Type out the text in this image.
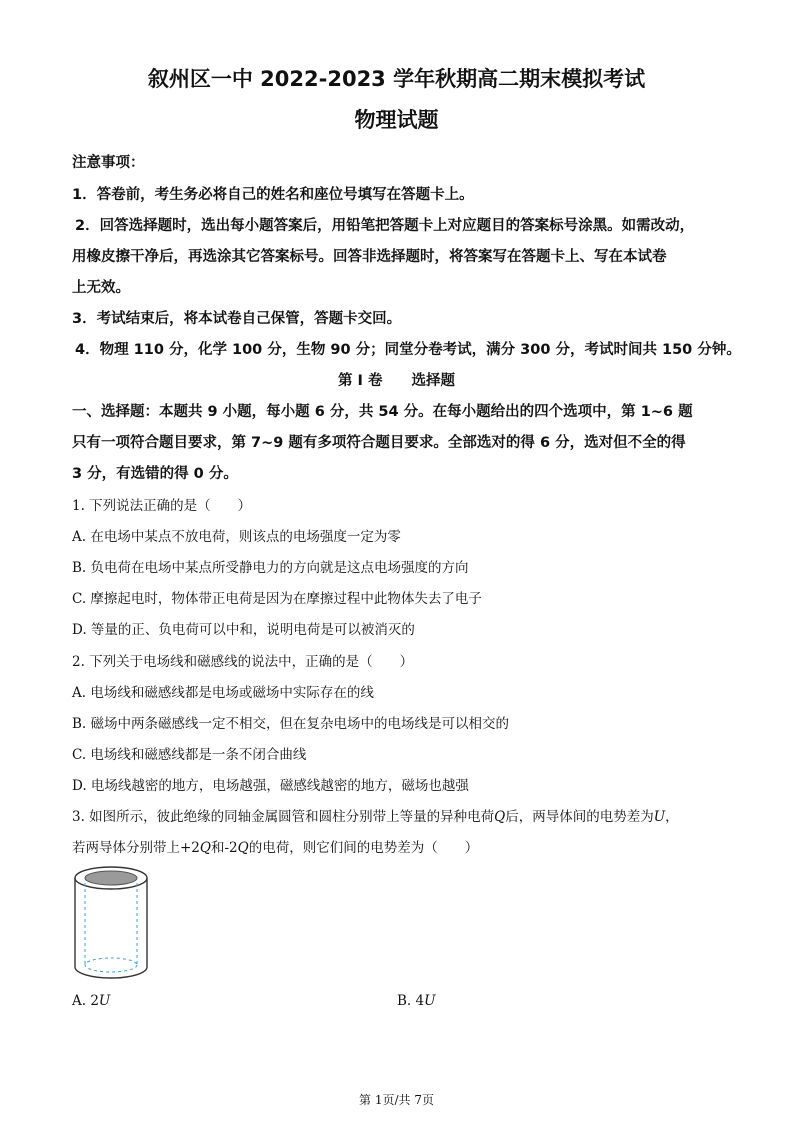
叙州区一中 2022-2023 学年秋期高二期末模拟考试
物理试题
注意事项：
1．答卷前，考生务必将自己的姓名和座位号填写在答题卡上。
2．回答选择题时，选出每小题答案后，用铅笔把答题卡上对应题目的答案标号涂黑。如需改动，
用橡皮擦干净后，再选涂其它答案标号。回答非选择题时，将答案写在答题卡上、写在本试卷
上无效。
3．考试结束后，将本试卷自己保管，答题卡交回。
4．物理 110 分，化学 100 分，生物 90 分；同堂分卷考试，满分 300 分，考试时间共 150 分钟。
第 I 卷　　选择题
一、选择题：本题共 9 小题，每小题 6 分，共 54 分。在每小题给出的四个选项中，第 1~6 题
只有一项符合题目要求，第 7~9 题有多项符合题目要求。全部选对的得 6 分，选对但不全的得
3 分，有选错的得 0 分。
1. 下列说法正确的是（　　）
A. 在电场中某点不放电荷，则该点的电场强度一定为零
B. 负电荷在电场中某点所受静电力的方向就是这点电场强度的方向
C. 摩擦起电时，物体带正电荷是因为在摩擦过程中此物体失去了电子
D. 等量的正、负电荷可以中和，说明电荷是可以被消灭的
2. 下列关于电场线和磁感线的说法中，正确的是（　　）
A. 电场线和磁感线都是电场或磁场中实际存在的线
B. 磁场中两条磁感线一定不相交，但在复杂电场中的电场线是可以相交的
C. 电场线和磁感线都是一条不闭合曲线
D. 电场线越密的地方，电场越强，磁感线越密的地方，磁场也越强
3. 如图所示，彼此绝缘的同轴金属圆管和圆柱分别带上等量的异种电荷Q后，两导体间的电势差为U，
若两导体分别带上+2Q和-2Q的电荷，则它们间的电势差为（　　）
A. 2U	B. 4U
第 1页/共 7页
